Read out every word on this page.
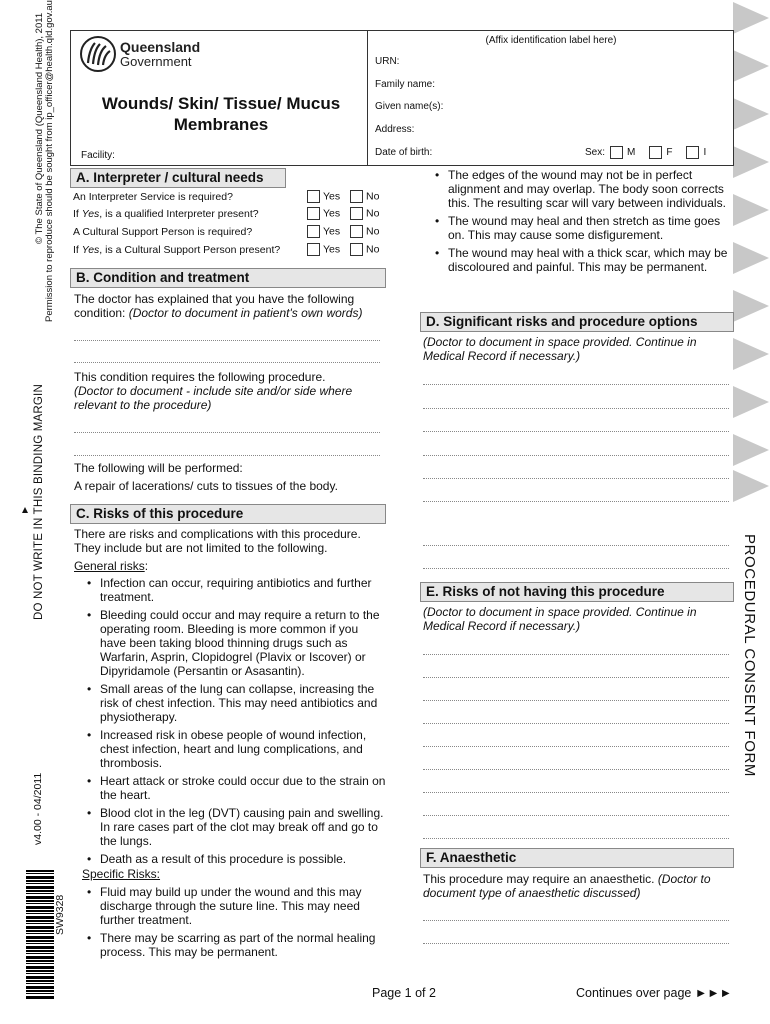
© The State of Queensland (Queensland Health), 2011 Permission to reproduce should be sought from ip_officer@health.qld.gov.au
DO NOT WRITE IN THIS BINDING MARGIN
v4.00 - 04/2011
SW9328
PROCEDURAL CONSENT FORM
Queensland
Government
Wounds/ Skin/ Tissue/ Mucus
Membranes
Facility:
(Affix identification label here)
URN:
Family name:
Given name(s):
Address:
Date of birth:	Sex: M	F	I
A. Interpreter / cultural needs
An Interpreter Service is required?	Yes	No
If Yes, is a qualified Interpreter present?	Yes	No
A Cultural Support Person is required?	Yes	No
If Yes, is a Cultural Support Person present?	Yes	No
B. Condition and treatment
The doctor has explained that you have the following condition: (Doctor to document in patient's own words)
This condition requires the following procedure.
(Doctor to document - include site and/or side where relevant to the procedure)
The following will be performed:
A repair of lacerations/ cuts to tissues of the body.
C. Risks of this procedure
There are risks and complications with this procedure. They include but are not limited to the following.
General risks:
• Infection can occur, requiring antibiotics and further treatment.
• Bleeding could occur and may require a return to the operating room. Bleeding is more common if you have been taking blood thinning drugs such as Warfarin, Asprin, Clopidogrel (Plavix or Iscover) or Dipyridamole (Persantin or Asasantin).
• Small areas of the lung can collapse, increasing the risk of chest infection. This may need antibiotics and physiotherapy.
• Increased risk in obese people of wound infection, chest infection, heart and lung complications, and thrombosis.
• Heart attack or stroke could occur due to the strain on the heart.
• Blood clot in the leg (DVT) causing pain and swelling. In rare cases part of the clot may break off and go to the lungs.
• Death as a result of this procedure is possible.
Specific Risks:
• Fluid may build up under the wound and this may discharge through the suture line. This may need further treatment.
• There may be scarring as part of the normal healing process. This may be permanent.
• The edges of the wound may not be in perfect alignment and may overlap. The body soon corrects this. The resulting scar will vary between individuals.
• The wound may heal and then stretch as time goes on. This may cause some disfigurement.
• The wound may heal with a thick scar, which may be discoloured and painful. This may be permanent.
D. Significant risks and procedure options
(Doctor to document in space provided. Continue in Medical Record if necessary.)
E. Risks of not having this procedure
(Doctor to document in space provided. Continue in Medical Record if necessary.)
F. Anaesthetic
This procedure may require an anaesthetic. (Doctor to document type of anaesthetic discussed)
Page 1 of 2	Continues over page ►►►
